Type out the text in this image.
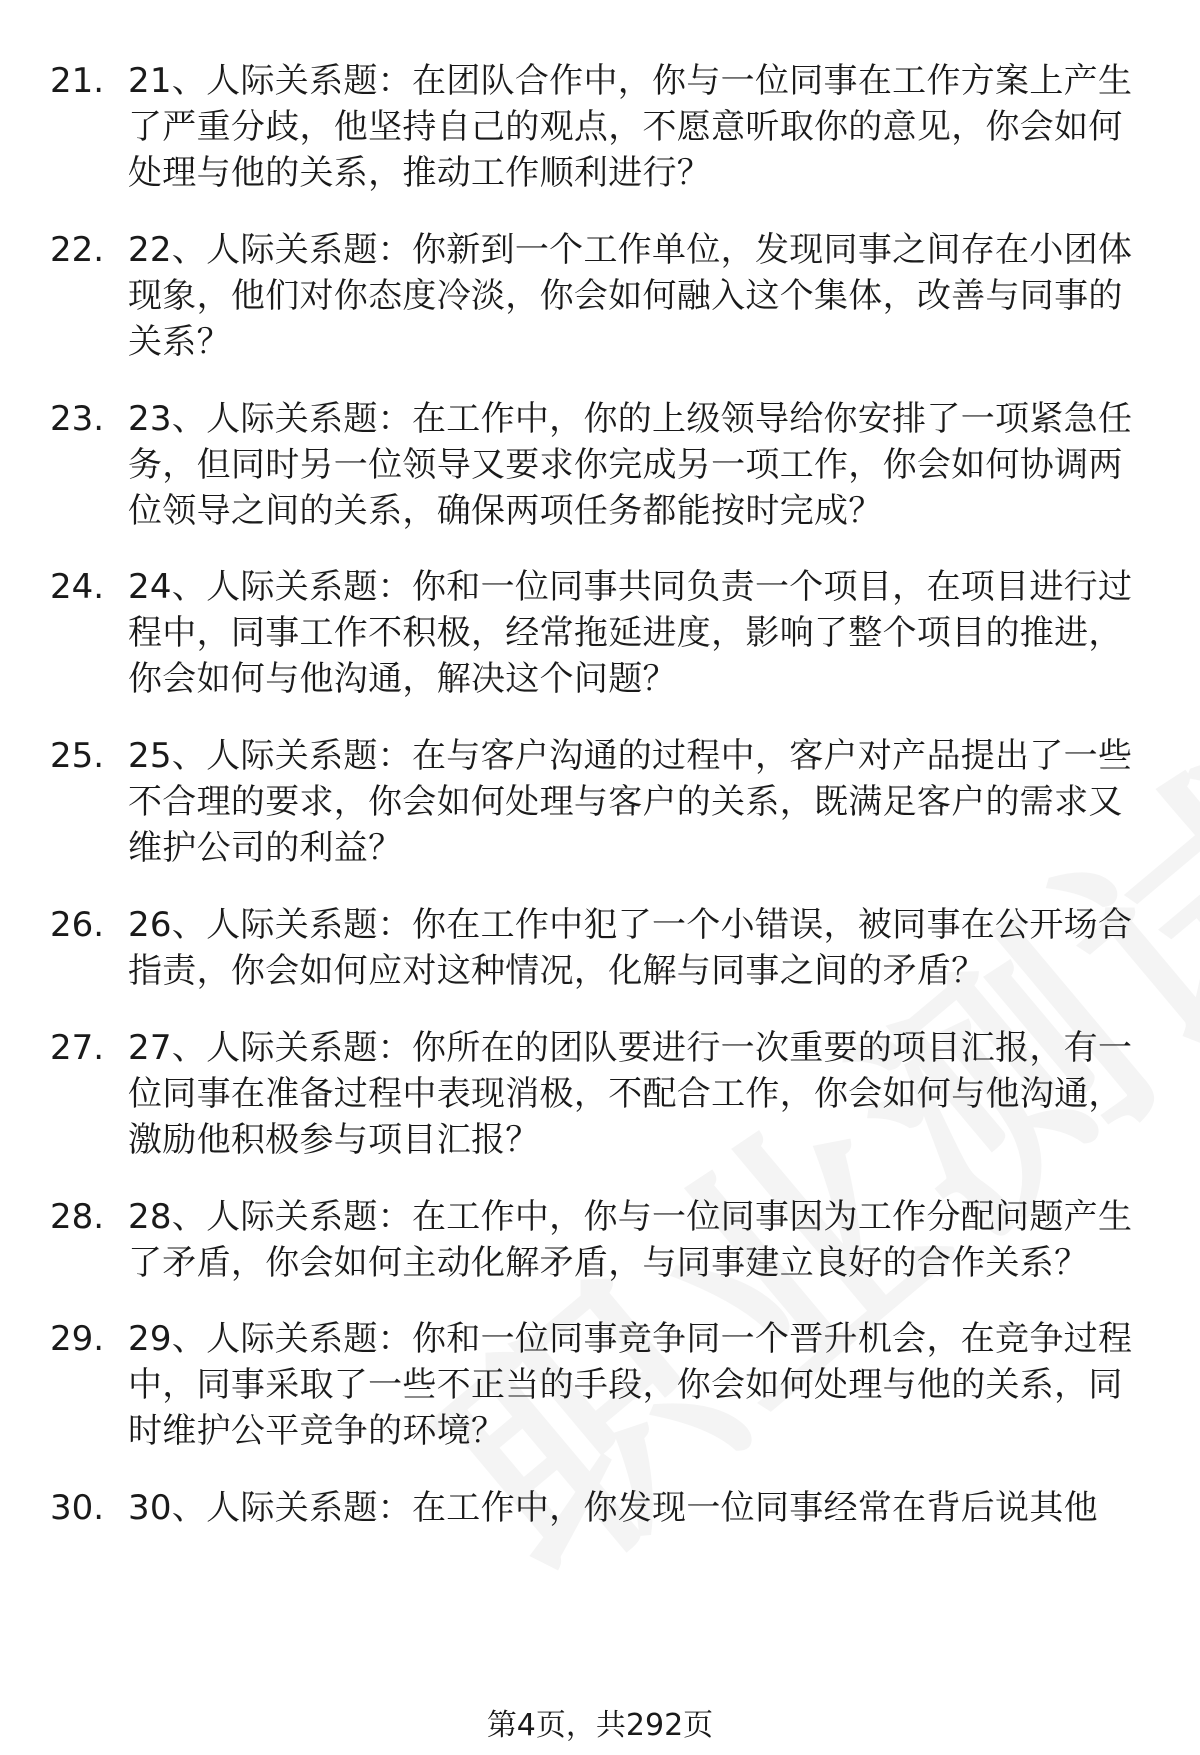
21. 21、人际关系题：在团队合作中，你与一位同事在工作方案上产生了严重分歧，他坚持自己的观点，不愿意听取你的意见，你会如何处理与他的关系，推动工作顺利进行？
22. 22、人际关系题：你新到一个工作单位，发现同事之间存在小团体现象，他们对你态度冷淡，你会如何融入这个集体，改善与同事的关系？
23. 23、人际关系题：在工作中，你的上级领导给你安排了一项紧急任务，但同时另一位领导又要求你完成另一项工作，你会如何协调两位领导之间的关系，确保两项任务都能按时完成？
24. 24、人际关系题：你和一位同事共同负责一个项目，在项目进行过程中，同事工作不积极，经常拖延进度，影响了整个项目的推进，你会如何与他沟通，解决这个问题？
25. 25、人际关系题：在与客户沟通的过程中，客户对产品提出了一些不合理的要求，你会如何处理与客户的关系，既满足客户的需求又维护公司的利益？
26. 26、人际关系题：你在工作中犯了一个小错误，被同事在公开场合指责，你会如何应对这种情况，化解与同事之间的矛盾？
27. 27、人际关系题：你所在的团队要进行一次重要的项目汇报，有一位同事在准备过程中表现消极，不配合工作，你会如何与他沟通，激励他积极参与项目汇报？
28. 28、人际关系题：在工作中，你与一位同事因为工作分配问题产生了矛盾，你会如何主动化解矛盾，与同事建立良好的合作关系？
29. 29、人际关系题：你和一位同事竞争同一个晋升机会，在竞争过程中，同事采取了一些不正当的手段，你会如何处理与他的关系，同时维护公平竞争的环境？
30. 30、人际关系题：在工作中，你发现一位同事经常在背后说其他
第4页，共292页
